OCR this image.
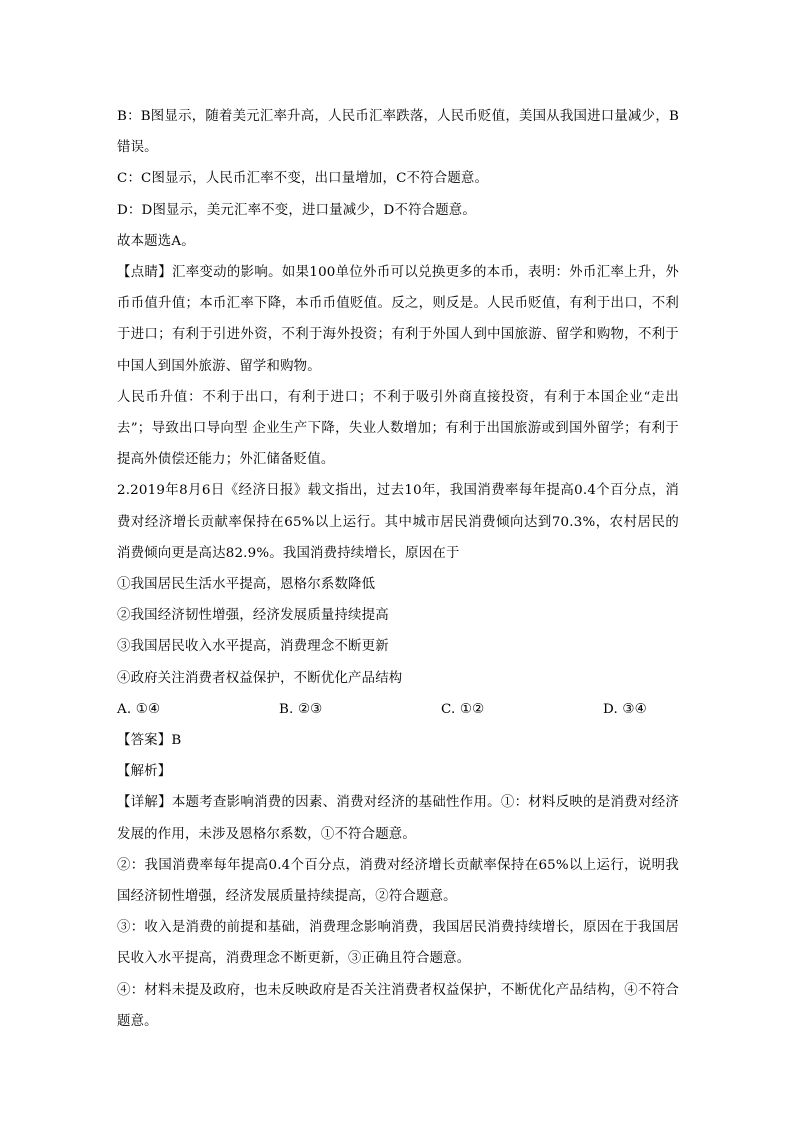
B：B图显示，随着美元汇率升高，人民币汇率跌落，人民币贬值，美国从我国进口量减少，B错误。

C：C图显示，人民币汇率不变，出口量增加，C不符合题意。

D：D图显示，美元汇率不变，进口量减少，D不符合题意。

故本题选A。

【点睛】汇率变动的影响。如果100单位外币可以兑换更多的本币，表明：外币汇率上升，外币币值升值；本币汇率下降，本币币值贬值。反之，则反是。人民币贬值，有利于出口，不利于进口；有利于引进外资，不利于海外投资；有利于外国人到中国旅游、留学和购物，不利于中国人到国外旅游、留学和购物。

人民币升值：不利于出口，有利于进口；不利于吸引外商直接投资，有利于本国企业“走出去”；导致出口导向型 企业生产下降，失业人数增加；有利于出国旅游或到国外留学；有利于提高外债偿还能力；外汇储备贬值。

2.2019年8月6日《经济日报》载文指出，过去10年，我国消费率每年提高0.4个百分点，消费对经济增长贡献率保持在65%以上运行。其中城市居民消费倾向达到70.3%，农村居民的消费倾向更是高达82.9%。我国消费持续增长，原因在于

①我国居民生活水平提高，恩格尔系数降低

②我国经济韧性增强，经济发展质量持续提高

③我国居民收入水平提高，消费理念不断更新

④政府关注消费者权益保护，不断优化产品结构

A. ①④	B. ②③	C. ①②	D. ③④

【答案】B

【解析】

【详解】本题考查影响消费的因素、消费对经济的基础性作用。①：材料反映的是消费对经济发展的作用，未涉及恩格尔系数，①不符合题意。

②：我国消费率每年提高0.4个百分点，消费对经济增长贡献率保持在65%以上运行，说明我国经济韧性增强，经济发展质量持续提高，②符合题意。

③：收入是消费的前提和基础，消费理念影响消费，我国居民消费持续增长，原因在于我国居民收入水平提高，消费理念不断更新，③正确且符合题意。

④：材料未提及政府，也未反映政府是否关注消费者权益保护，不断优化产品结构，④不符合题意。
